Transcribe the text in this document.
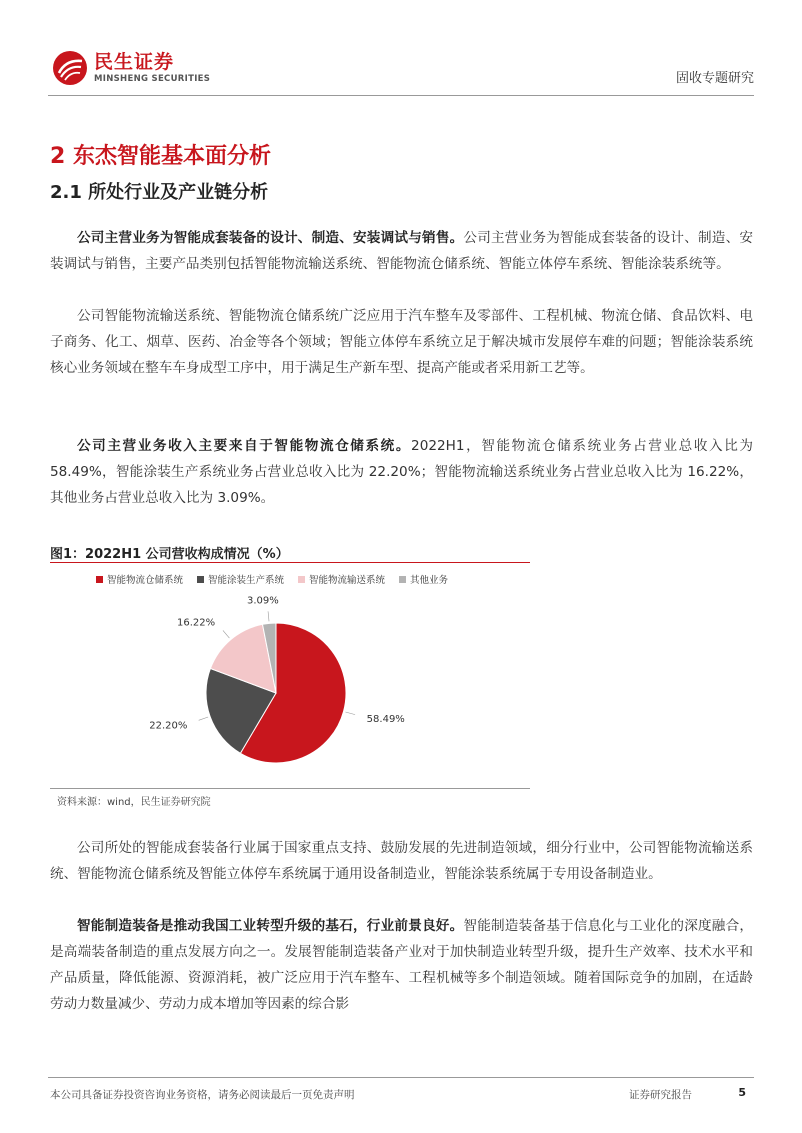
民生证券
MINSHENG SECURITIES	固收专题研究
2 东杰智能基本面分析
2.1 所处行业及产业链分析

公司主营业务为智能成套装备的设计、制造、安装调试与销售。公司主营业务为智能成套装备的设计、制造、安装调试与销售，主要产品类别包括智能物流输送系统、智能物流仓储系统、智能立体停车系统、智能涂装系统等。

公司智能物流输送系统、智能物流仓储系统广泛应用于汽车整车及零部件、工程机械、物流仓储、食品饮料、电子商务、化工、烟草、医药、冶金等各个领域；智能立体停车系统立足于解决城市发展停车难的问题；智能涂装系统核心业务领域在整车车身成型工序中，用于满足生产新车型、提高产能或者采用新工艺等。

公司主营业务收入主要来自于智能物流仓储系统。2022H1，智能物流仓储系统业务占营业总收入比为 58.49%，智能涂装生产系统业务占营业总收入比为 22.20%；智能物流输送系统业务占营业总收入比为 16.22%，其他业务占营业总收入比为 3.09%。

图1：2022H1 公司营收构成情况（%）
智能物流仓储系统	智能涂装生产系统	智能物流输送系统	其他业务
58.49%
22.20%
16.22%
3.09%
资料来源：wind，民生证券研究院

公司所处的智能成套装备行业属于国家重点支持、鼓励发展的先进制造领域，细分行业中，公司智能物流输送系统、智能物流仓储系统及智能立体停车系统属于通用设备制造业，智能涂装系统属于专用设备制造业。

智能制造装备是推动我国工业转型升级的基石，行业前景良好。智能制造装备基于信息化与工业化的深度融合，是高端装备制造的重点发展方向之一。发展智能制造装备产业对于加快制造业转型升级，提升生产效率、技术水平和产品质量，降低能源、资源消耗，被广泛应用于汽车整车、工程机械等多个制造领域。随着国际竞争的加剧，在适龄劳动力数量减少、劳动力成本增加等因素的综合影

本公司具备证券投资咨询业务资格，请务必阅读最后一页免责声明	证券研究报告	5
